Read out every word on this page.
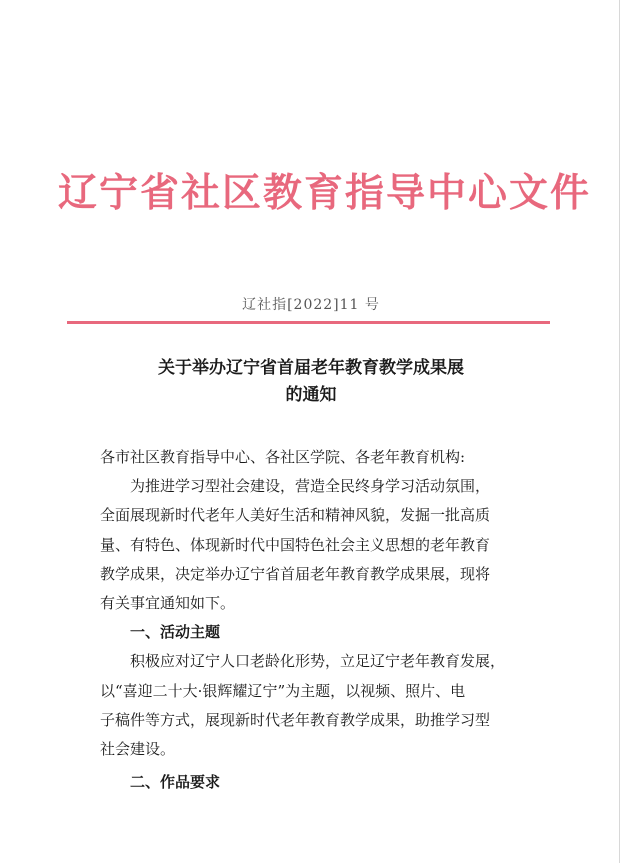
辽宁省社区教育指导中心文件
辽社指[2022]11 号
关于举办辽宁省首届老年教育教学成果展
的通知
各市社区教育指导中心、各社区学院、各老年教育机构:
为推进学习型社会建设，营造全民终身学习活动氛围，
全面展现新时代老年人美好生活和精神风貌，发掘一批高质
量、有特色、体现新时代中国特色社会主义思想的老年教育
教学成果，决定举办辽宁省首届老年教育教学成果展，现将
有关事宜通知如下。
一、活动主题
积极应对辽宁人口老龄化形势，立足辽宁老年教育发展，
以“喜迎二十大·银辉耀辽宁”为主题，以视频、照片、电
子稿件等方式，展现新时代老年教育教学成果，助推学习型
社会建设。
二、作品要求
